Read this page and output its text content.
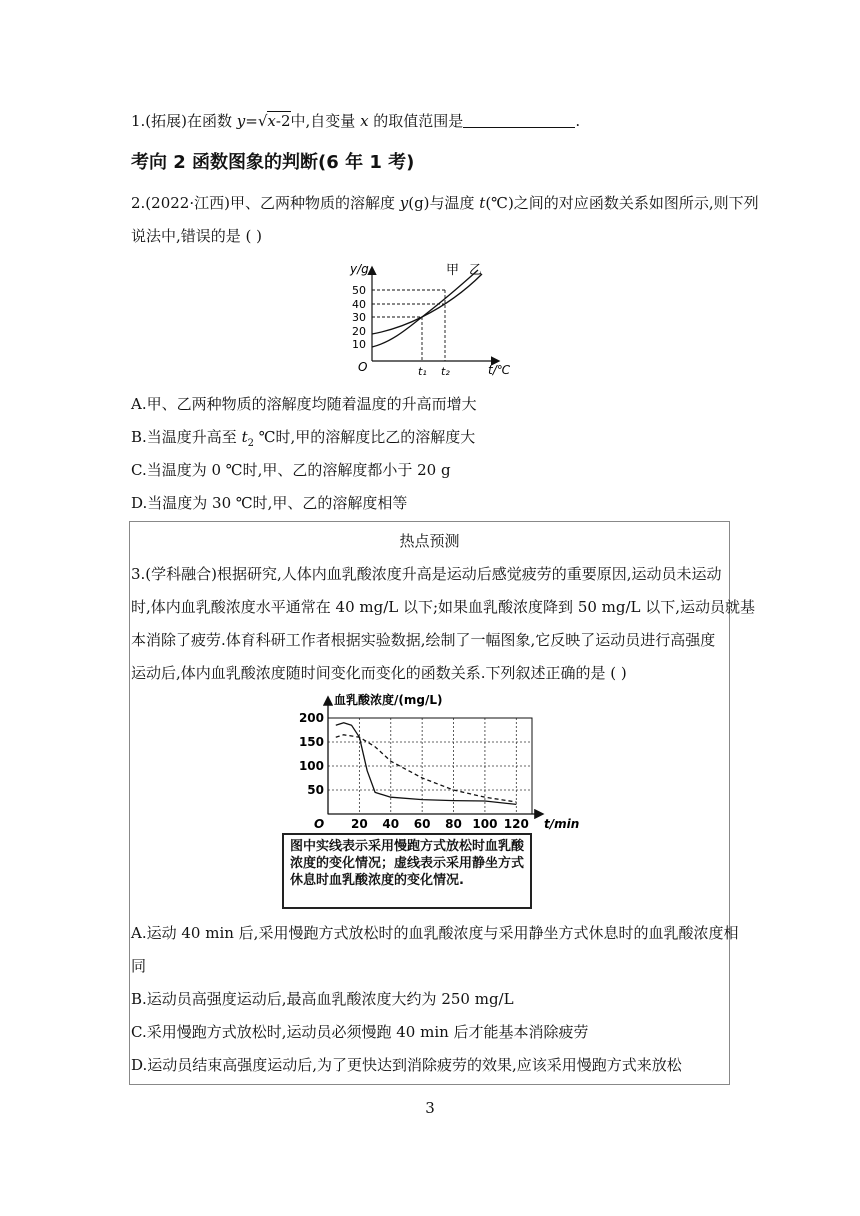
1.(拓展)在函数 y=√x-2中,自变量 x 的取值范围是	.
考向 2 函数图象的判断(6 年 1 考)
2.(2022·江西)甲、乙两种物质的溶解度 y(g)与温度 t(℃)之间的对应函数关系如图所示,则下列
说法中,错误的是 ( )
y/g
t/℃
O
50
40
30
20
10
t₁ t₂
甲 乙
A.甲、乙两种物质的溶解度均随着温度的升高而增大
B.当温度升高至 $t_2$ ℃时,甲的溶解度比乙的溶解度大
C.当温度为 0 ℃时,甲、乙的溶解度都小于 20 g
D.当温度为 30 ℃时,甲、乙的溶解度相等
热点预测
3.(学科融合)根据研究,人体内血乳酸浓度升高是运动后感觉疲劳的重要原因,运动员未运动
时,体内血乳酸浓度水平通常在 40 mg/L 以下;如果血乳酸浓度降到 50 mg/L 以下,运动员就基
本消除了疲劳.体育科研工作者根据实验数据,绘制了一幅图象,它反映了运动员进行高强度
运动后,体内血乳酸浓度随时间变化而变化的函数关系.下列叙述正确的是 ( )
20 40 60 80 100 120
50
100
150
200
O
血乳酸浓度/(mg/L)
t/min
图中实线表示采用慢跑方式放松时血乳酸浓度的变化情况；虚线表示采用静坐方式休息时血乳酸浓度的变化情况.
A.运动 40 min 后,采用慢跑方式放松时的血乳酸浓度与采用静坐方式休息时的血乳酸浓度相
同
B.运动员高强度运动后,最高血乳酸浓度大约为 250 mg/L
C.采用慢跑方式放松时,运动员必须慢跑 40 min 后才能基本消除疲劳
D.运动员结束高强度运动后,为了更快达到消除疲劳的效果,应该采用慢跑方式来放松
3
